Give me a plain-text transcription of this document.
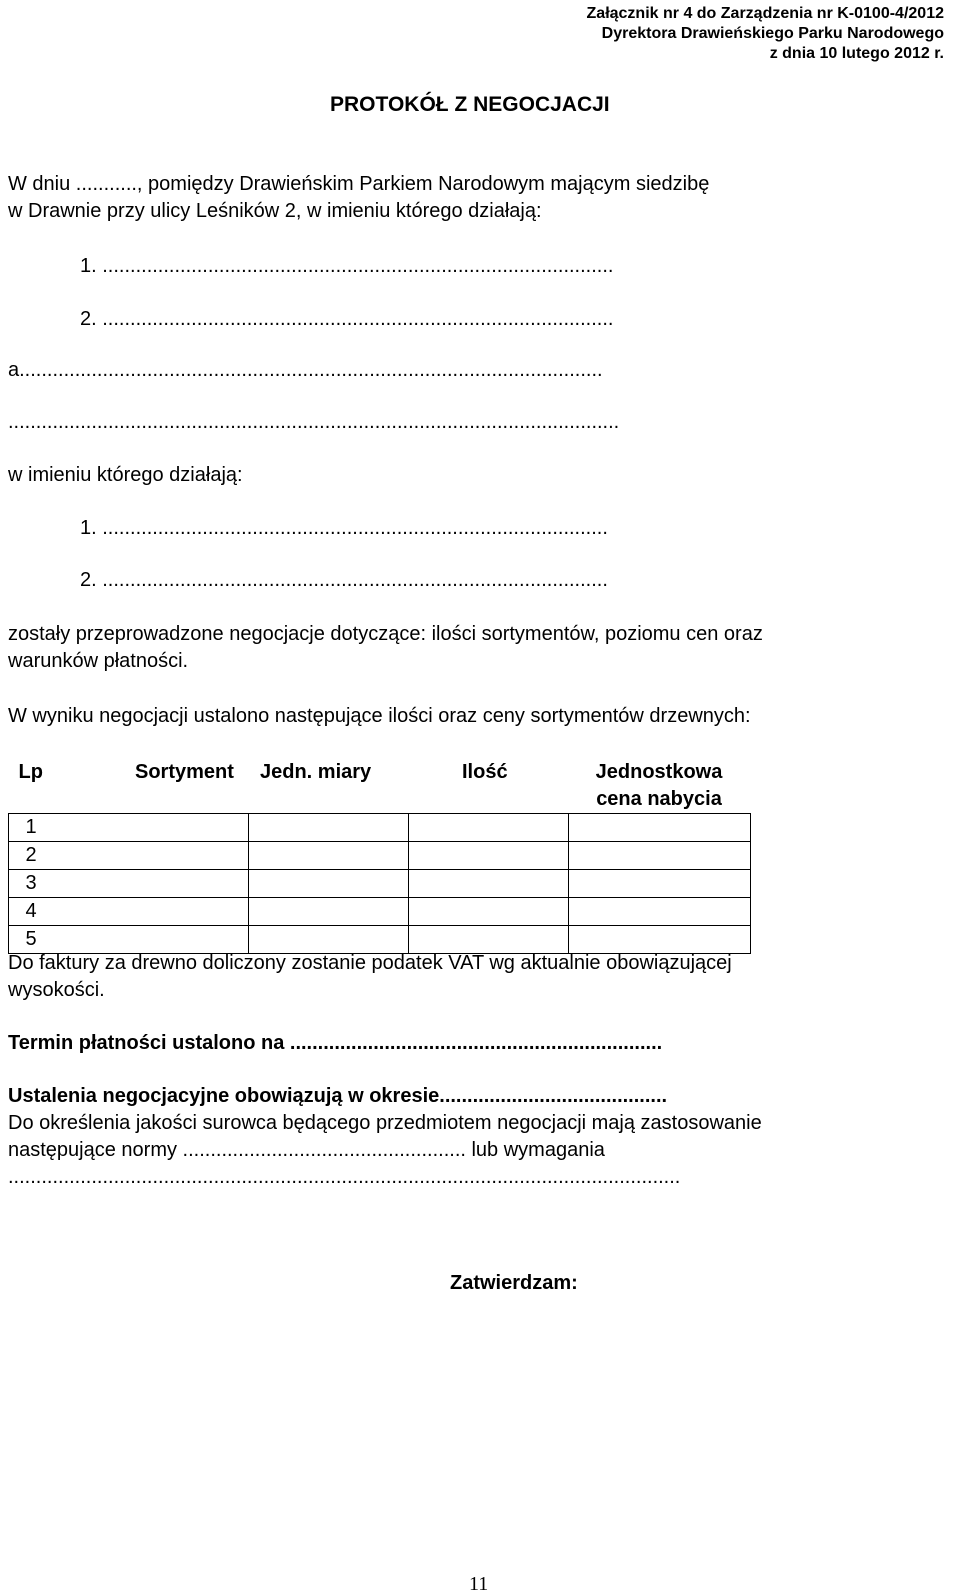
Załącznik nr 4 do Zarządzenia nr K-0100-4/2012
Dyrektora Drawieńskiego Parku Narodowego
z dnia 10 lutego 2012 r.
PROTOKÓŁ Z NEGOCJACJI
W dniu ..........., pomiędzy Drawieńskim Parkiem Narodowym mającym siedzibę
w Drawnie przy ulicy Leśników 2, w imieniu którego działają:
1. ............................................................................................
2. ............................................................................................
a.........................................................................................................
..............................................................................................................
w imieniu którego działają:
1. ...........................................................................................
2. ...........................................................................................
zostały przeprowadzone negocjacje dotyczące: ilości sortymentów, poziomu cen oraz
warunków płatności.
W wyniku negocjacji ustalono następujące ilości oraz ceny sortymentów drzewnych:
Lp	Sortyment	Jedn. miary	Ilość	Jednostkowa
cena nabycia

1				
2				
3				
4				
5				
Do faktury za drewno doliczony zostanie podatek VAT wg aktualnie obowiązującej
wysokości.
Termin płatności ustalono na ...................................................................
Ustalenia negocjacyjne obowiązują w okresie.........................................
Do określenia jakości surowca będącego przedmiotem negocjacji mają zastosowanie
następujące normy ................................................... lub wymagania
.........................................................................................................................
Zatwierdzam:
11
